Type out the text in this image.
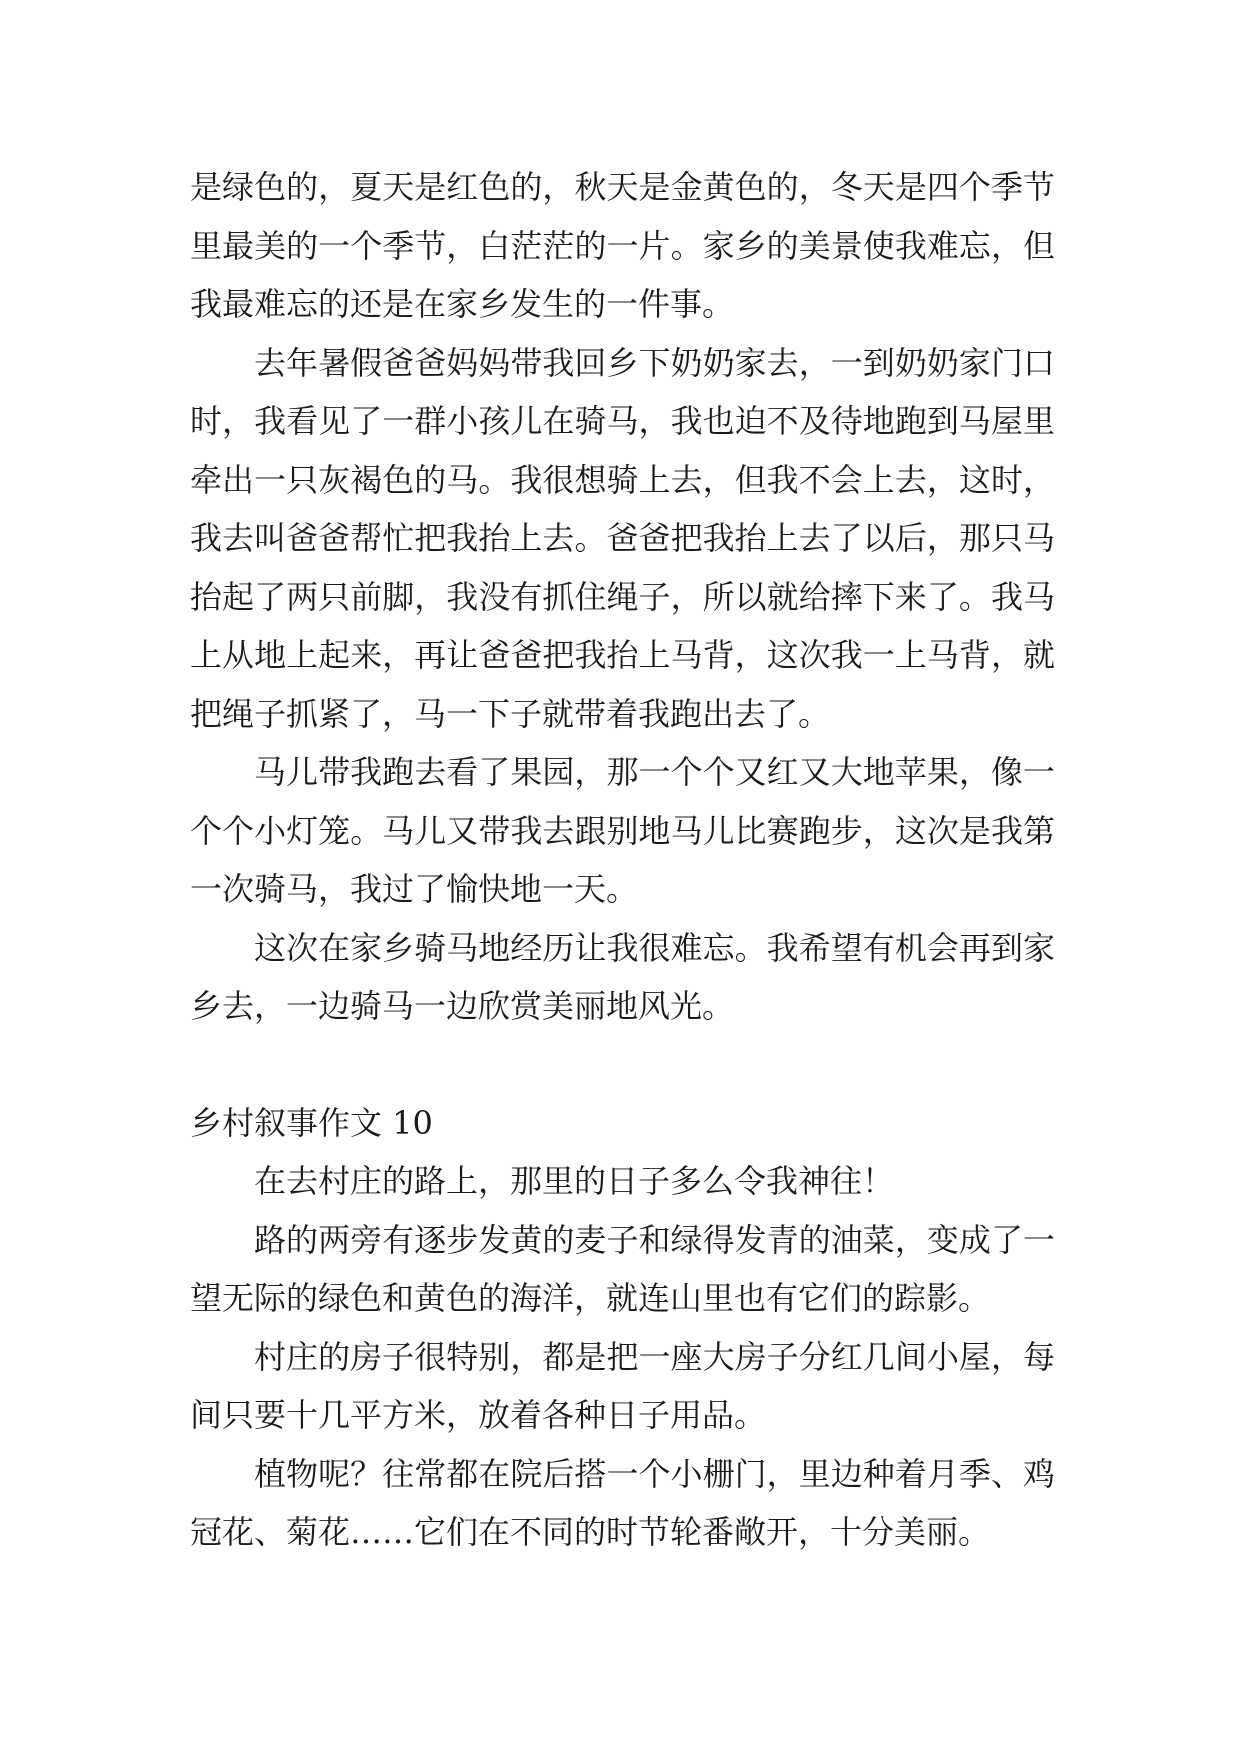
是绿色的，夏天是红色的，秋天是金黄色的，冬天是四个季节里最美的一个季节，白茫茫的一片。家乡的美景使我难忘，但我最难忘的还是在家乡发生的一件事。

去年暑假爸爸妈妈带我回乡下奶奶家去，一到奶奶家门口时，我看见了一群小孩儿在骑马，我也迫不及待地跑到马屋里牵出一只灰褐色的马。我很想骑上去，但我不会上去，这时，我去叫爸爸帮忙把我抬上去。爸爸把我抬上去了以后，那只马抬起了两只前脚，我没有抓住绳子，所以就给摔下来了。我马上从地上起来，再让爸爸把我抬上马背，这次我一上马背，就把绳子抓紧了，马一下子就带着我跑出去了。

马儿带我跑去看了果园，那一个个又红又大地苹果，像一个个小灯笼。马儿又带我去跟别地马儿比赛跑步，这次是我第一次骑马，我过了愉快地一天。

这次在家乡骑马地经历让我很难忘。我希望有机会再到家乡去，一边骑马一边欣赏美丽地风光。

乡村叙事作文 10

在去村庄的路上，那里的日子多么令我神往！

路的两旁有逐步发黄的麦子和绿得发青的油菜，变成了一望无际的绿色和黄色的海洋，就连山里也有它们的踪影。

村庄的房子很特别，都是把一座大房子分红几间小屋，每间只要十几平方米，放着各种日子用品。

植物呢？往常都在院后搭一个小栅门，里边种着月季、鸡冠花、菊花……它们在不同的时节轮番敞开，十分美丽。
